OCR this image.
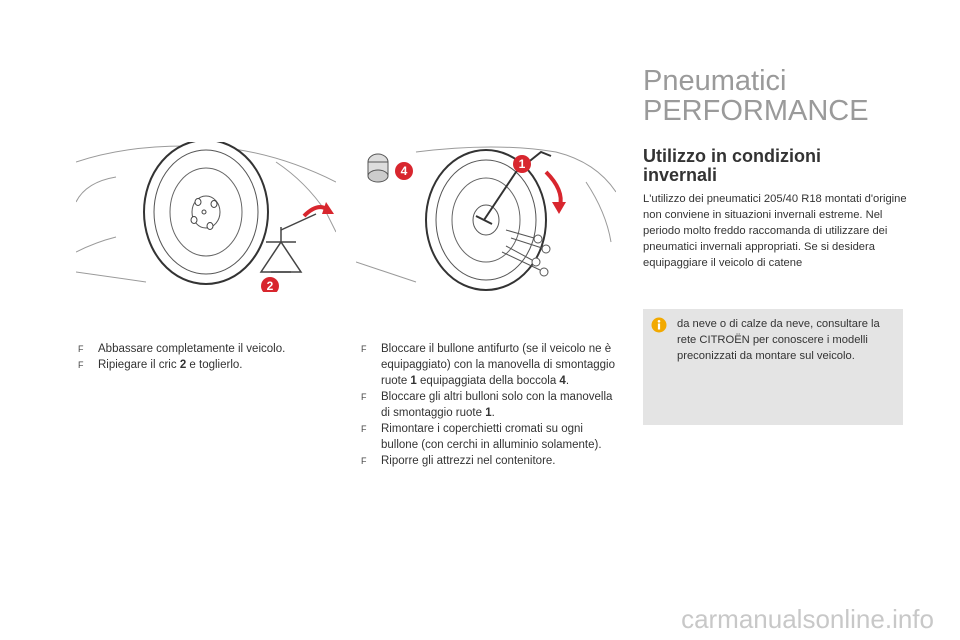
2
4	1
F Abbassare completamente il veicolo.
F Ripiegare il cric 2 e toglierlo.
F Bloccare il bullone antifurto (se il veicolo ne è equipaggiato) con la manovella di smontaggio ruote 1 equipaggiata della boccola 4.
F Bloccare gli altri bulloni solo con la manovella di smontaggio ruote 1.
F Rimontare i coperchietti cromati su ogni bullone (con cerchi in alluminio solamente).
F Riporre gli attrezzi nel contenitore.
Pneumatici
PERFORMANCE
Utilizzo in condizioni invernali
L'utilizzo dei pneumatici 205/40 R18 montati d'origine non conviene in situazioni invernali estreme. Nel periodo molto freddo raccomanda di utilizzare dei pneumatici invernali appropriati. Se si desidera equipaggiare il veicolo di catene
da neve o di calze da neve, consultare la rete CITROËN per conoscere i modelli preconizzati da montare sul veicolo.
carmanualsonline.info
